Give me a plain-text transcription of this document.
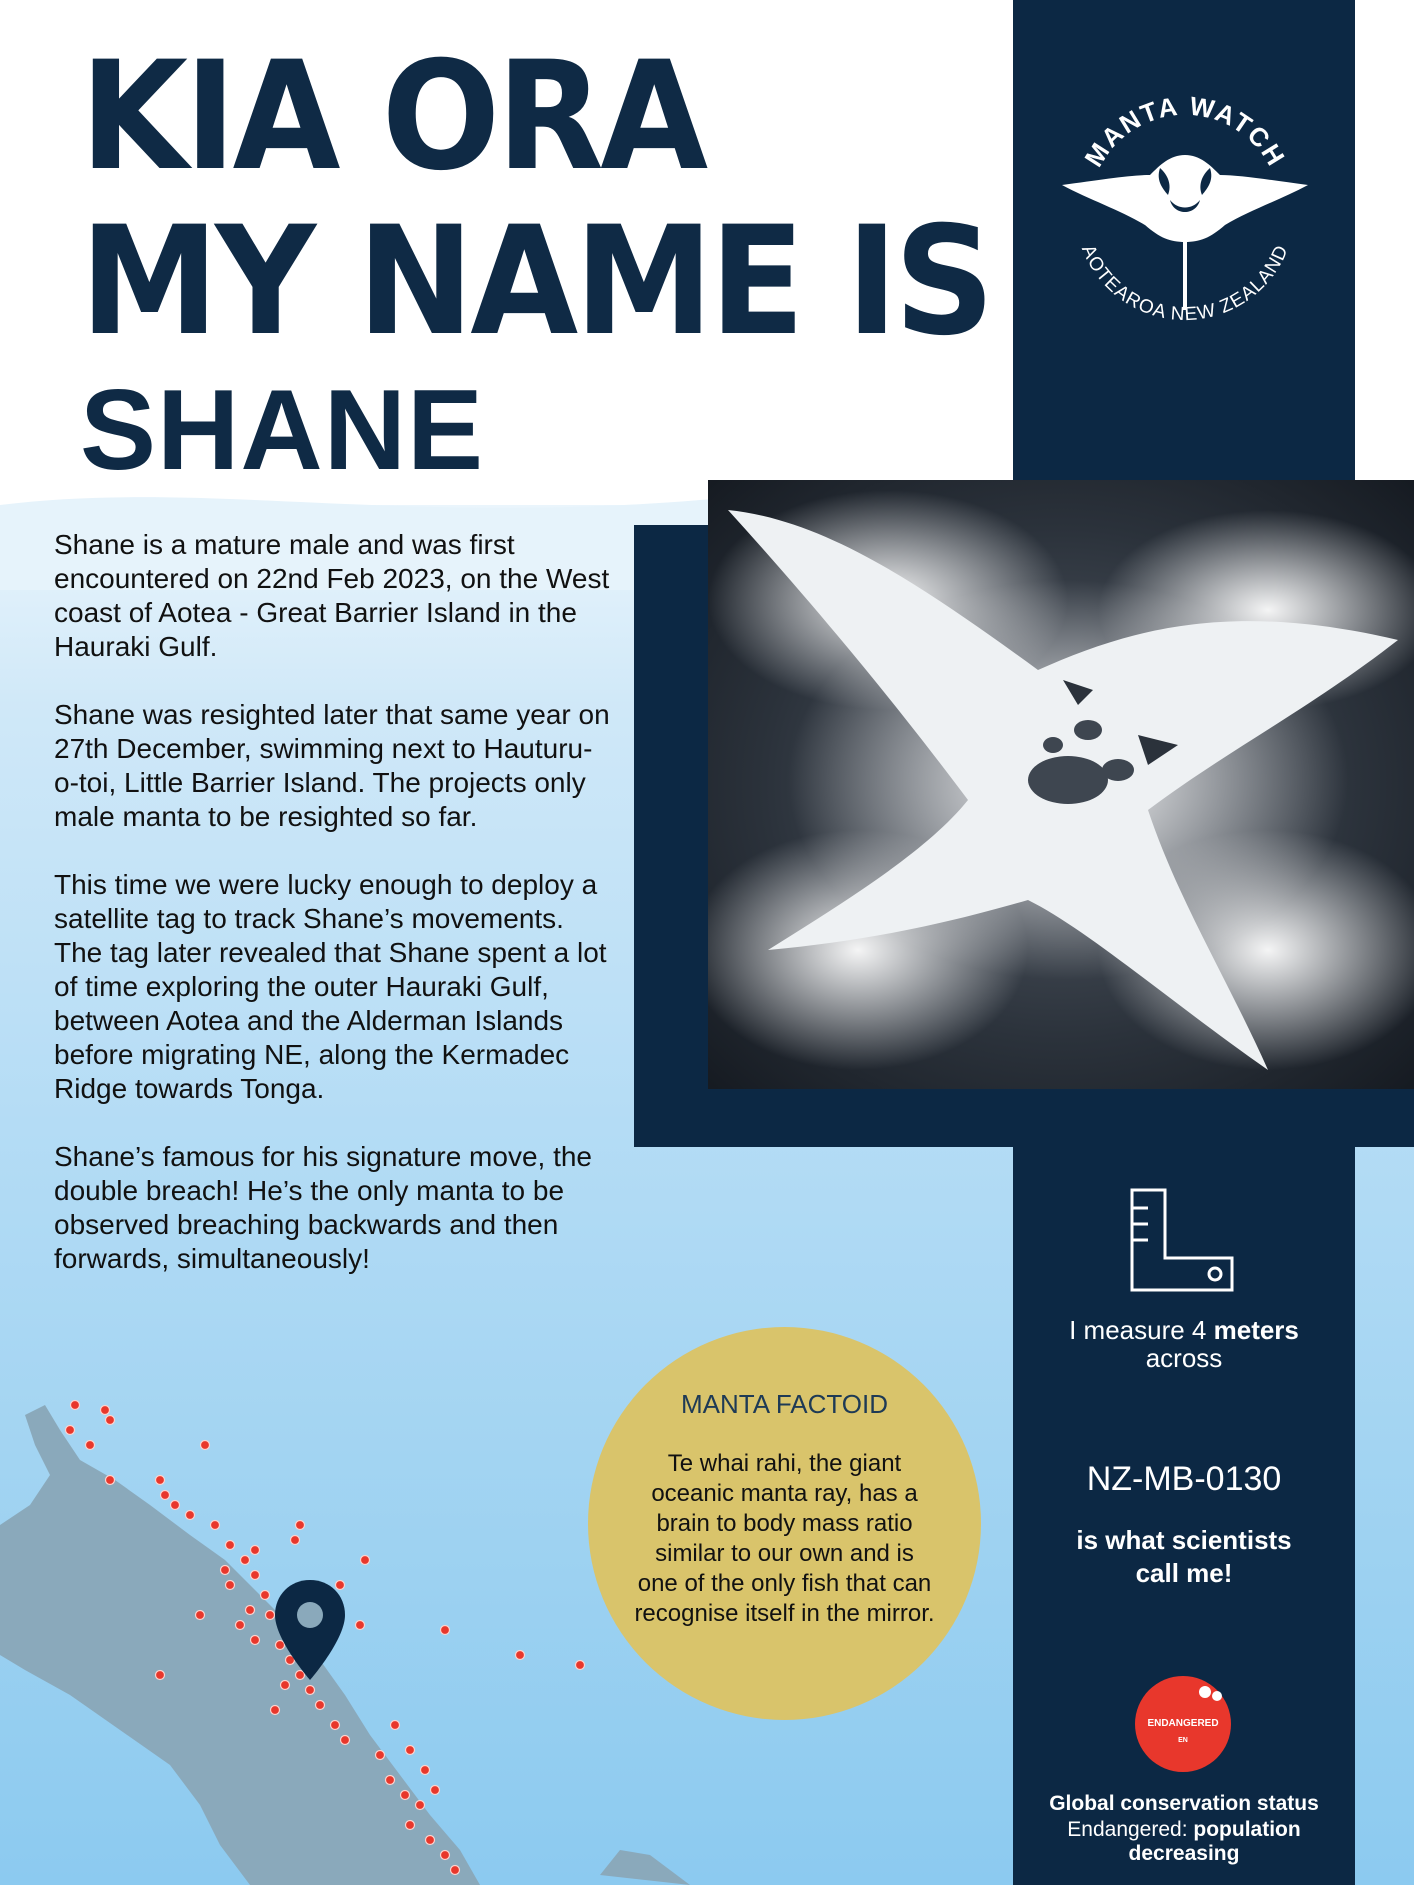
KIA ORA
MY NAME IS
SHANE
MANTA WATCH
AOTEAROA NEW ZEALAND

Shane is a mature male and was first encountered on 22nd Feb 2023, on the West coast of Aotea - Great Barrier Island in the Hauraki Gulf.

Shane was resighted later that same year on 27th December, swimming next to Hauturu-o-toi, Little Barrier Island. The projects only male manta to be resighted so far.

This time we were lucky enough to deploy a satellite tag to track Shane’s movements. The tag later revealed that Shane spent a lot of time exploring the outer Hauraki Gulf, between Aotea and the Alderman Islands before migrating NE, along the Kermadec Ridge towards Tonga.

Shane’s famous for his signature move, the double breach! He’s the only manta to be observed breaching backwards and then forwards, simultaneously!

MANTA FACTOID
Te whai rahi, the giant oceanic manta ray, has a brain to body mass ratio similar to our own and is one of the only fish that can recognise itself in the mirror.
I measure 4 meters
across
NZ-MB-0130
is what scientists
call me!
ENDANGERED
EN
Global conservation status
Endangered: population decreasing
